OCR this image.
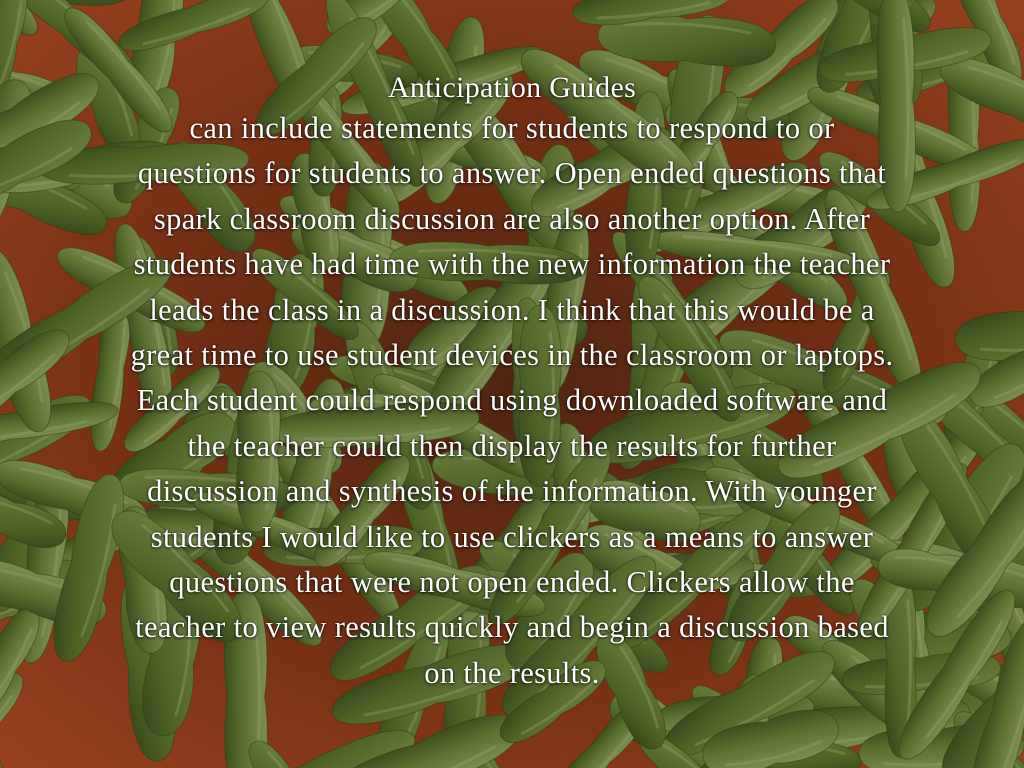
Anticipation Guides
can include statements for students to respond to or
questions for students to answer. Open ended questions that
spark classroom discussion are also another option. After
students have had time with the new information the teacher
leads the class in a discussion. I think that this would be a
great time to use student devices in the classroom or laptops.
Each student could respond using downloaded software and
the teacher could then display the results for further
discussion and synthesis of the information. With younger
students I would like to use clickers as a means to answer
questions that were not open ended. Clickers allow the
teacher to view results quickly and begin a discussion based
on the results.
